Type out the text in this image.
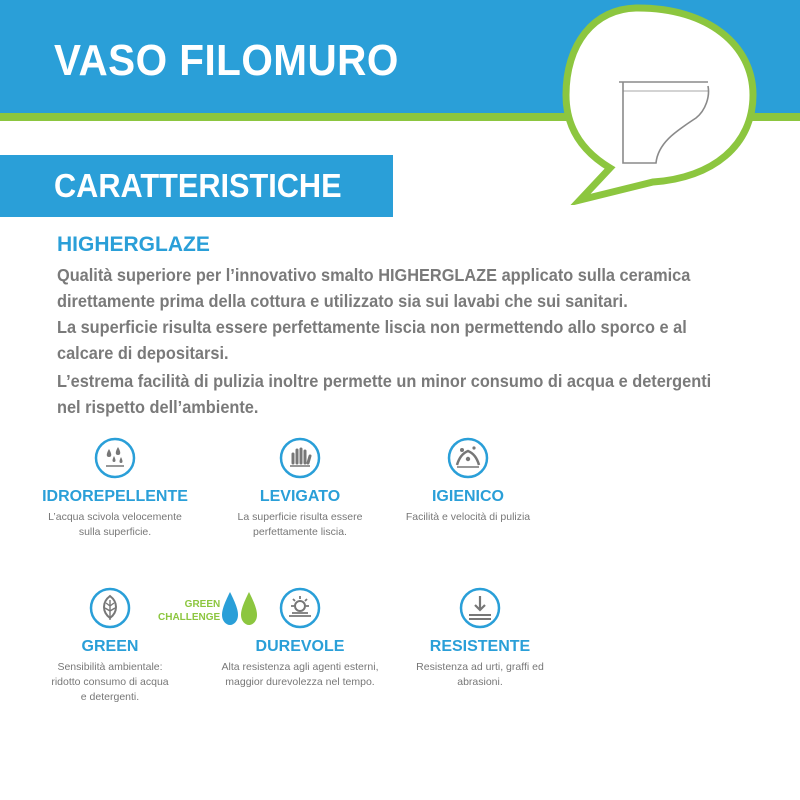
VASO FILOMURO
CARATTERISTICHE
HIGHERGLAZE
Qualità superiore per l’innovativo smalto HIGHERGLAZE applicato sulla ceramica
direttamente prima della cottura e utilizzato sia sui lavabi che sui sanitari.
La superficie risulta essere perfettamente liscia non permettendo allo sporco e al
calcare di depositarsi.
L’estrema facilità di pulizia inoltre permette un minor consumo di acqua e detergenti
nel rispetto dell’ambiente.
IDROREPELLENTE
L’acqua scivola velocemente
sulla superficie.
LEVIGATO
La superficie risulta essere
perfettamente liscia.
IGIENICO
Facilità e velocità di pulizia
GREEN
Sensibilità ambientale:
ridotto consumo di acqua
e detergenti.
GREEN
CHALLENGE
DUREVOLE
Alta resistenza agli agenti esterni,
maggior durevolezza nel tempo.
RESISTENTE
Resistenza ad urti, graffi ed
abrasioni.
